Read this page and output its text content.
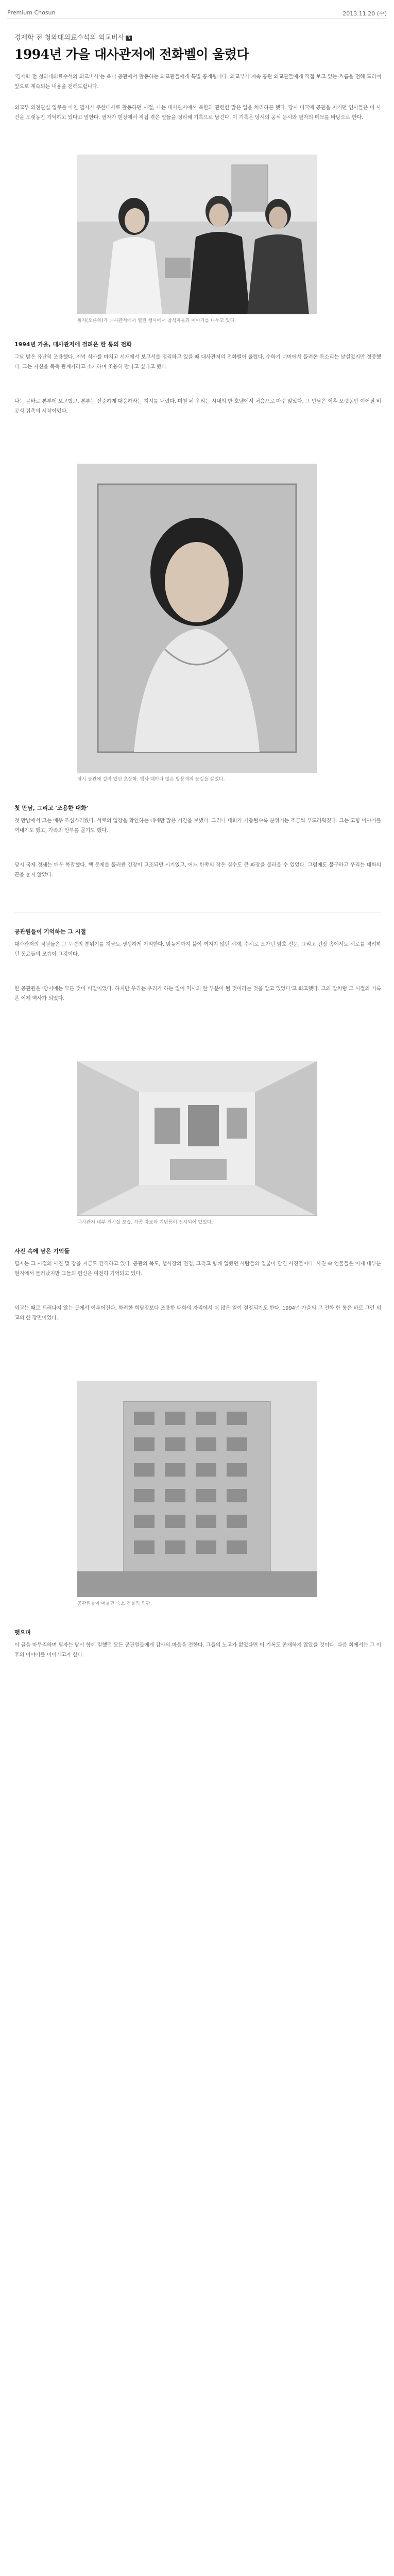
Premium Chosun	2013.11.20 (수)
경제학 전 청와대의료수석의 외교비사 5
1994년 가을 대사관저에 전화벨이 울렸다

'경제학 전 청와대의료수석의 외교비사'는 북미 공관에서 활동하는 외교관들에게 특별 공개됩니다. 외교부가 계속 공관 외교관들에게 직접 보고 있는 흐름을 전해 드리며 앞으로 계속되는 내용을 전해드립니다.

외교부 의전관실 업무를 마친 필자가 주한대사로 활동하던 시절, 나는 대사관저에서 북한과 관련한 많은 일을 처리하곤 했다. 당시 미국에 공관을 지키던 인사들은 이 사건을 오랫동안 기억하고 있다고 말한다. 필자가 현장에서 직접 겪은 일들을 정리해 기록으로 남긴다. 이 기록은 당시의 공식 문서와 필자의 메모를 바탕으로 한다.

필자(오른쪽)가 대사관저에서 열린 행사에서 참석자들과 이야기를 나누고 있다.

1994년 가을, 대사관저에 걸려온 한 통의 전화

그날 밤은 유난히 조용했다. 저녁 식사를 마치고 서재에서 보고서를 정리하고 있을 때 대사관저의 전화벨이 울렸다. 수화기 너머에서 들려온 목소리는 낯설었지만 정중했다. 그는 자신을 북측 관계자라고 소개하며 조용히 만나고 싶다고 했다.

나는 곧바로 본부에 보고했고, 본부는 신중하게 대응하라는 지시를 내렸다. 며칠 뒤 우리는 시내의 한 호텔에서 처음으로 마주 앉았다. 그 만남은 이후 오랫동안 이어질 비공식 접촉의 시작이었다.

당시 공관에 걸려 있던 초상화. 행사 때마다 많은 방문객의 눈길을 끌었다.

첫 만남, 그리고 '조용한 대화'

첫 만남에서 그는 매우 조심스러웠다. 서로의 입장을 확인하는 데에만 많은 시간을 보냈다. 그러나 대화가 거듭될수록 분위기는 조금씩 부드러워졌다. 그는 고향 이야기를 꺼내기도 했고, 가족의 안부를 묻기도 했다.

당시 국제 정세는 매우 복잡했다. 핵 문제를 둘러싼 긴장이 고조되던 시기였고, 어느 한쪽의 작은 실수도 큰 파장을 불러올 수 있었다. 그럼에도 불구하고 우리는 대화의 끈을 놓지 않았다.

공관원들이 기억하는 그 시절

대사관저의 직원들은 그 무렵의 분위기를 지금도 생생하게 기억한다. 밤늦게까지 불이 꺼지지 않던 서재, 수시로 오가던 암호 전문, 그리고 긴장 속에서도 서로를 격려하던 동료들의 모습이 그것이다.

한 공관원은 '당시에는 모든 것이 비밀이었다. 하지만 우리는 우리가 하는 일이 역사의 한 부분이 될 것이라는 것을 알고 있었다'고 회고했다. 그의 말처럼 그 시절의 기록은 이제 역사가 되었다.

대사관저 내부 전시실 모습. 각종 자료와 기념품이 전시되어 있었다.

사진 속에 남은 기억들

필자는 그 시절의 사진 몇 장을 지금도 간직하고 있다. 공관의 복도, 행사장의 전경, 그리고 함께 일했던 사람들의 얼굴이 담긴 사진들이다. 사진 속 인물들은 이제 대부분 현직에서 물러났지만 그들의 헌신은 여전히 기억되고 있다.

외교는 때로 드러나지 않는 곳에서 이루어진다. 화려한 회담장보다 조용한 대화의 자리에서 더 많은 일이 결정되기도 한다. 1994년 가을의 그 전화 한 통은 바로 그런 외교의 한 장면이었다.

공관원들이 머물던 숙소 건물의 외관.

맺으며

이 글을 마무리하며 필자는 당시 함께 일했던 모든 공관원들에게 감사의 마음을 전한다. 그들의 노고가 없었다면 이 기록도 존재하지 않았을 것이다. 다음 회에서는 그 이후의 이야기를 이어가고자 한다.
